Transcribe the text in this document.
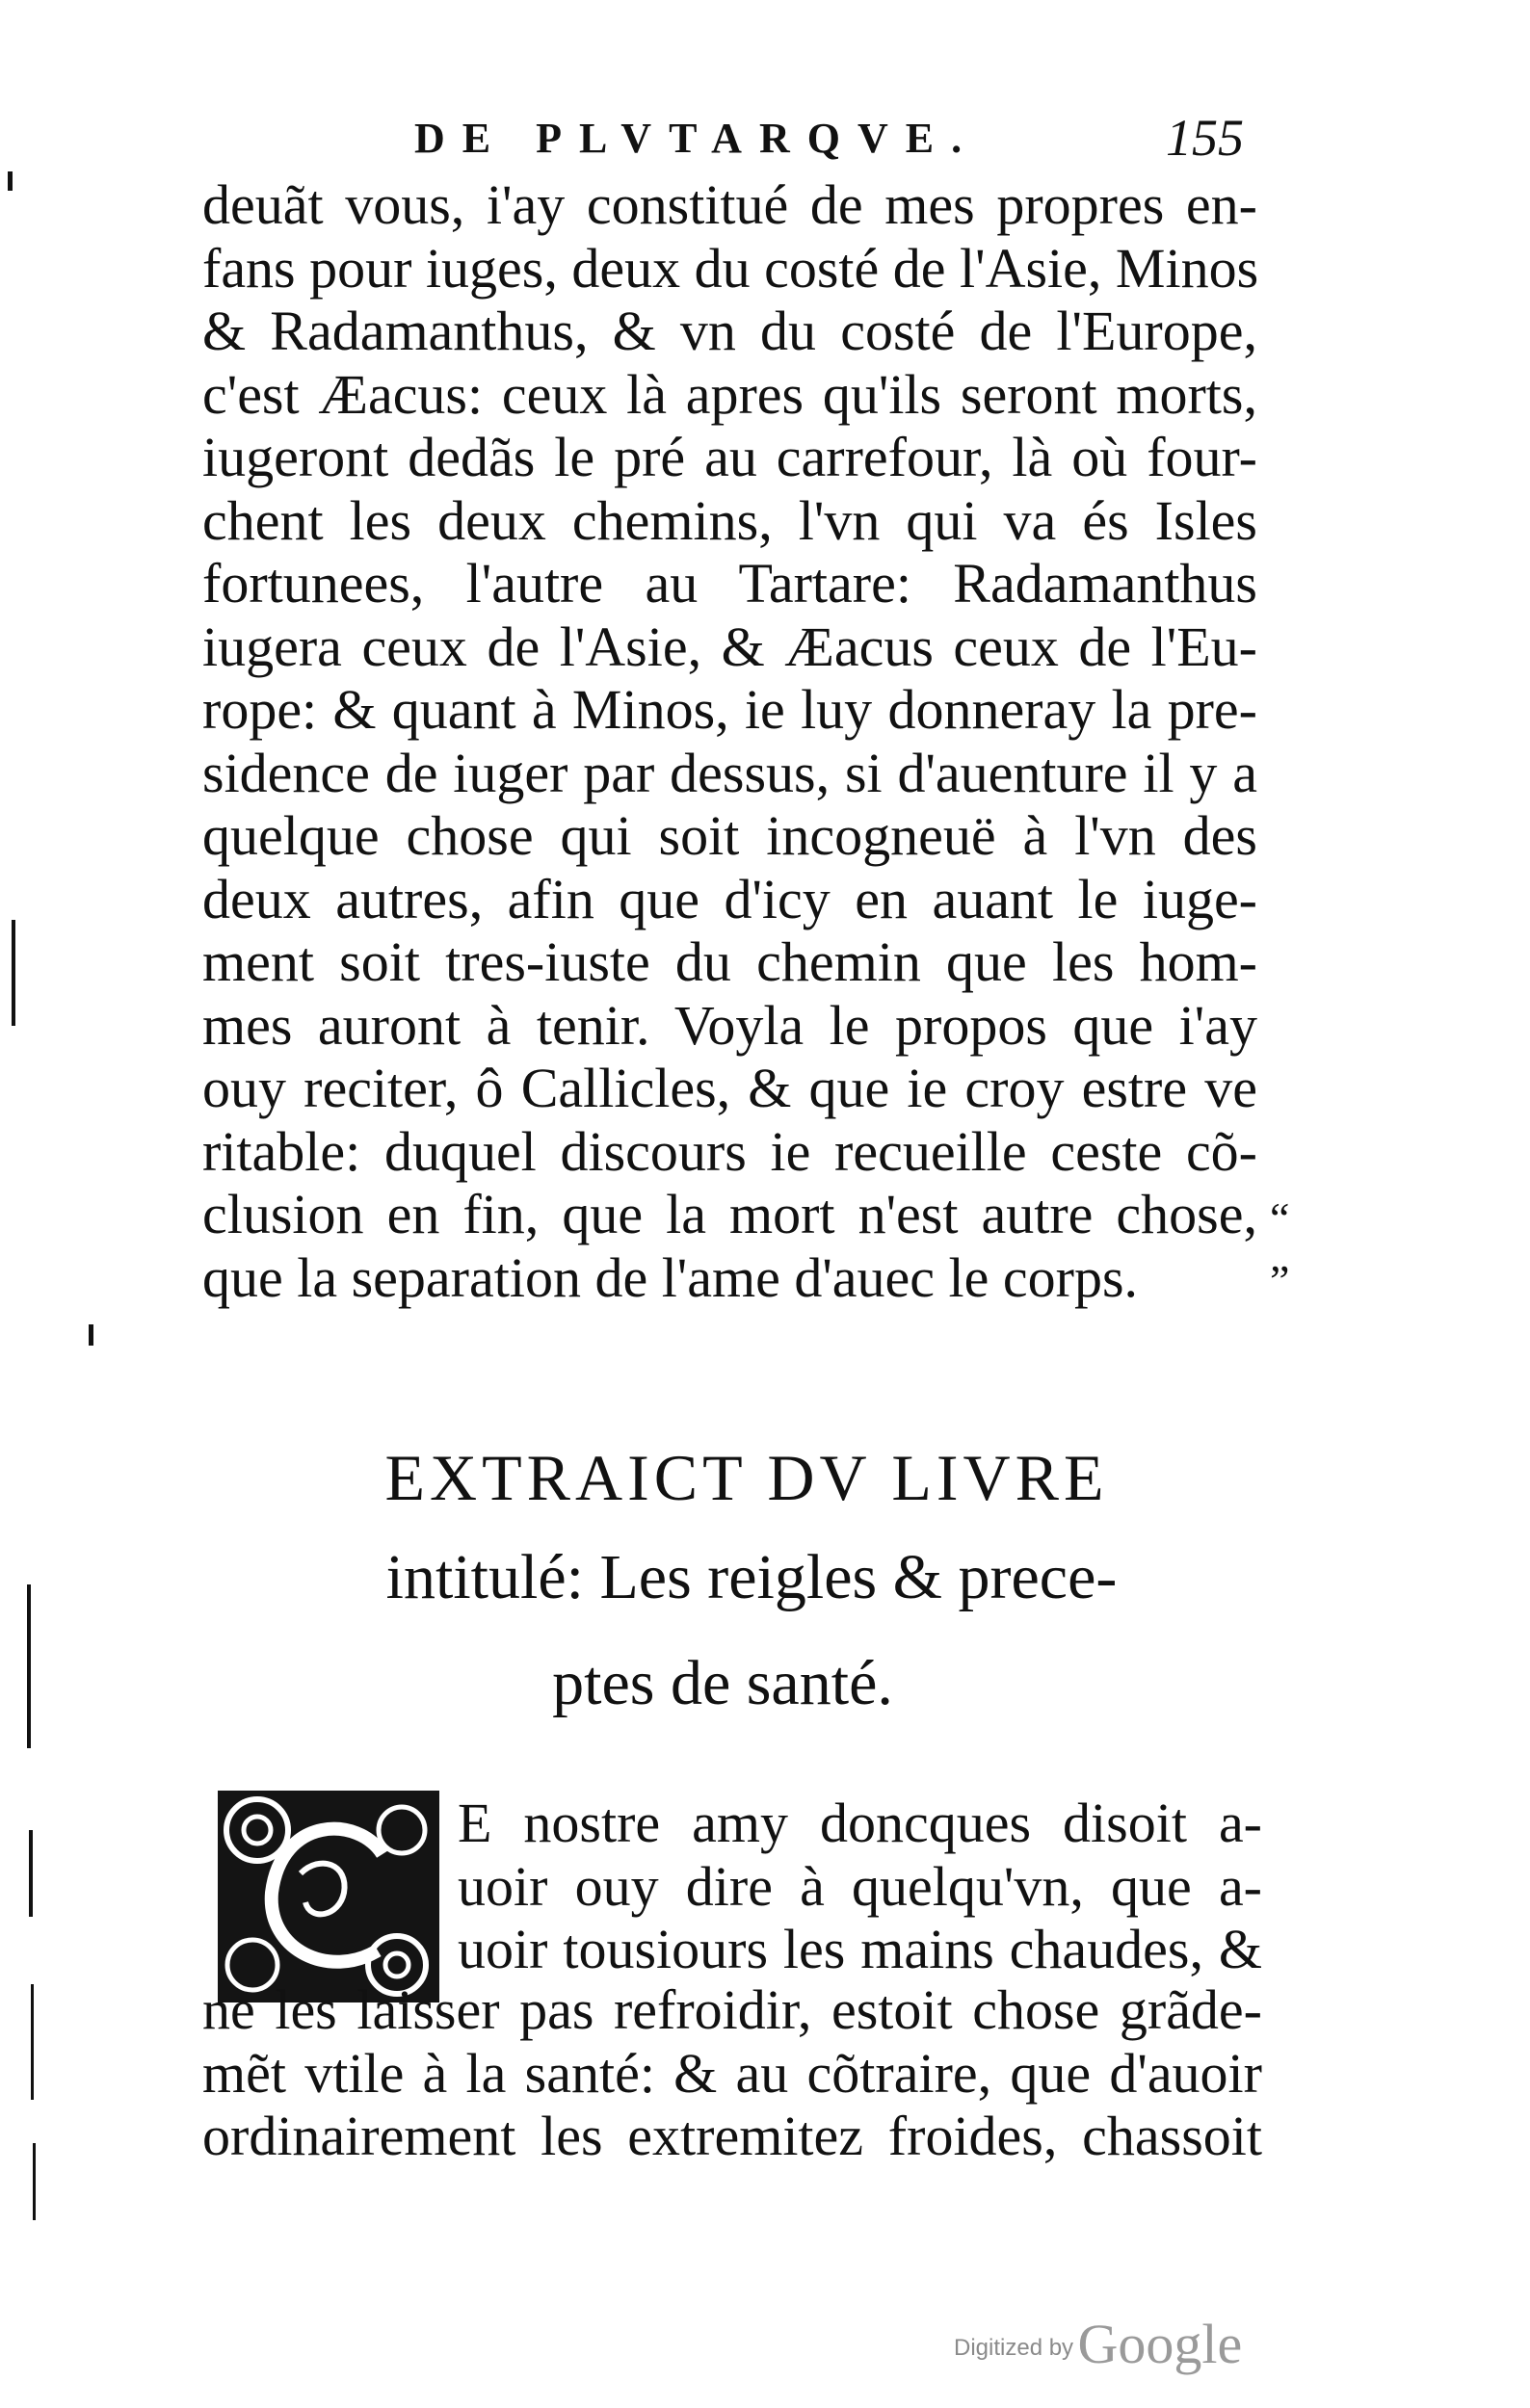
DE PLVTARQVE.	155
deuãt vous, i'ay constitué de mes propres en-
fans pour iuges, deux du costé de l'Asie, Minos
& Radamanthus, & vn du costé de l'Europe,
c'est Æacus: ceux là apres qu'ils seront morts,
iugeront dedãs le pré au carrefour, là où four-
chent les deux chemins, l'vn qui va és Isles
fortunees, l'autre au Tartare: Radamanthus
iugera ceux de l'Asie, & Æacus ceux de l'Eu-
rope: & quant à Minos, ie luy donneray la pre-
sidence de iuger par dessus, si d'auenture il y a
quelque chose qui soit incogneuë à l'vn des
deux autres, afin que d'icy en auant le iuge-
ment soit tres-iuste du chemin que les hom-
mes auront à tenir. Voyla le propos que i'ay
ouy reciter, ô Callicles, & que ie croy estre ve
ritable: duquel discours ie recueille ceste cõ-
clusion en fin, que la mort n'est autre chose,
que la separation de l'ame d'auec le corps.
“
”
EXTRAICT DV LIVRE
intitulé: Les reigles & prece-
ptes de santé.
E nostre amy doncques disoit a-
uoir ouy dire à quelqu'vn, que a-
uoir tousiours les mains chaudes, &
ne les laisser pas refroidir, estoit chose grãde-
mẽt vtile à la santé: & au cõtraire, que d'auoir
ordinairement les extremitez froides, chassoit
Digitized by Google
